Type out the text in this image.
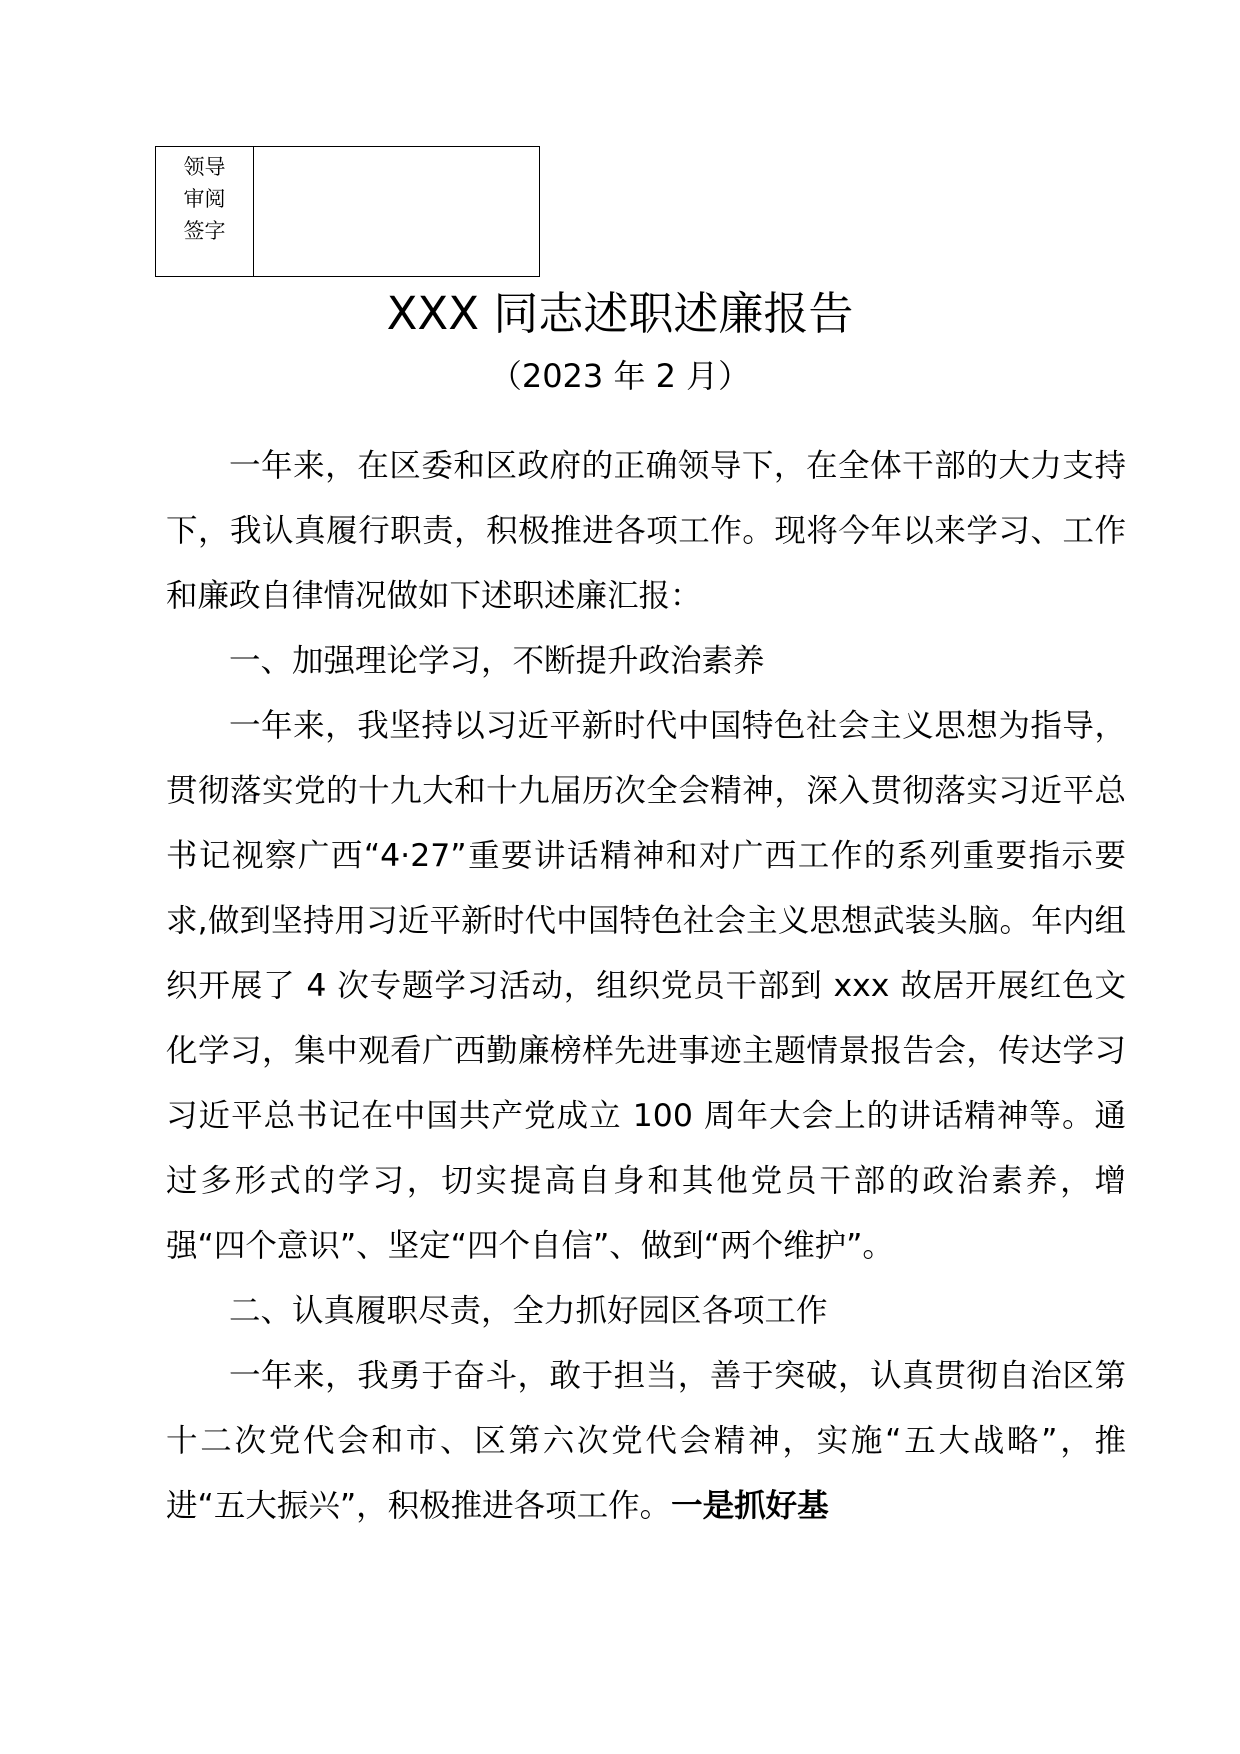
领导
审阅
签字
XXX 同志述职述廉报告

（2023 年 2 月）

一年来，在区委和区政府的正确领导下，在全体干部的大力支持下，我认真履行职责，积极推进各项工作。现将今年以来学习、工作和廉政自律情况做如下述职述廉汇报：

一、加强理论学习，不断提升政治素养

一年来，我坚持以习近平新时代中国特色社会主义思想为指导，贯彻落实党的十九大和十九届历次全会精神，深入贯彻落实习近平总书记视察广西“4·27”重要讲话精神和对广西工作的系列重要指示要求,做到坚持用习近平新时代中国特色社会主义思想武装头脑。年内组织开展了 4 次专题学习活动，组织党员干部到 xxx 故居开展红色文化学习，集中观看广西勤廉榜样先进事迹主题情景报告会，传达学习习近平总书记在中国共产党成立 100 周年大会上的讲话精神等。通过多形式的学习，切实提高自身和其他党员干部的政治素养，增强“四个意识”、坚定“四个自信”、做到“两个维护”。

二、认真履职尽责，全力抓好园区各项工作

一年来，我勇于奋斗，敢于担当，善于突破，认真贯彻自治区第十二次党代会和市、区第六次党代会精神，实施“五大战略”，推进“五大振兴”，积极推进各项工作。一是抓好基
